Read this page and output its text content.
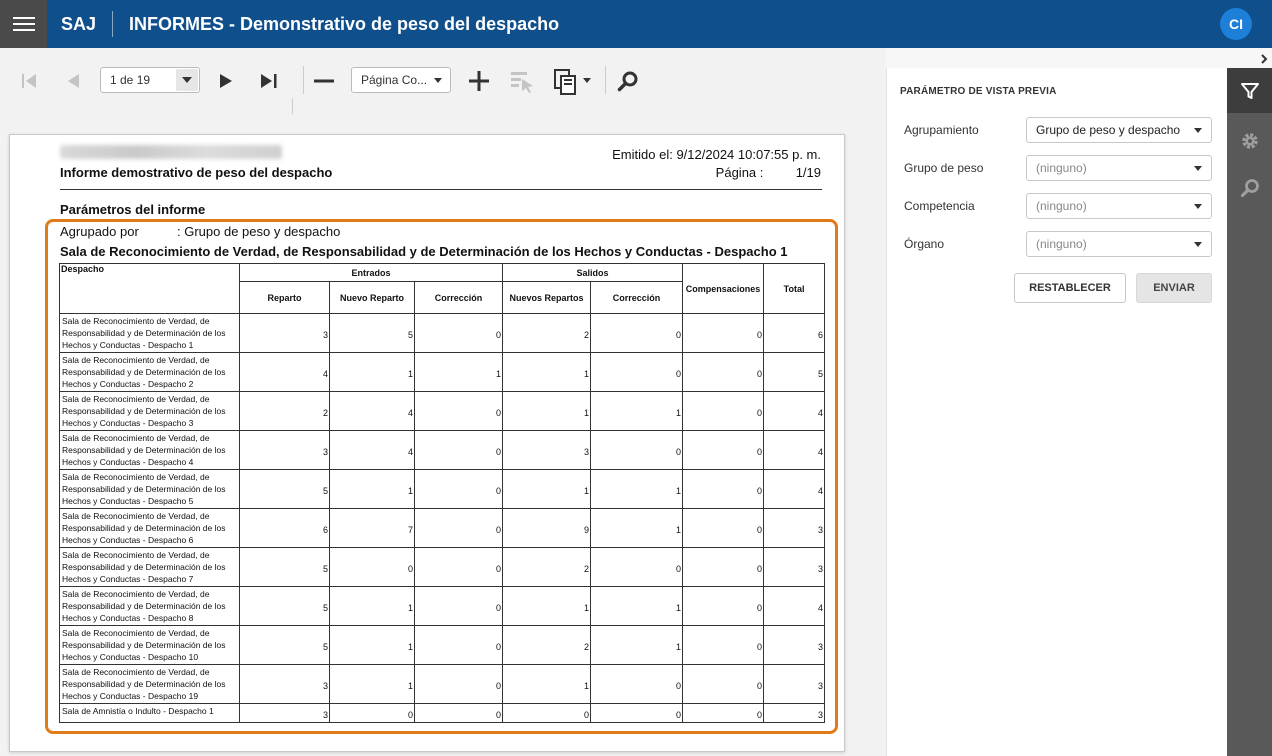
SAJ	INFORMES - Demonstrativo de peso del despacho	CI
1 de 19	Página Co...
Informe demostrativo de peso del despacho
Emitido el: 9/12/2024 10:07:55 p. m.
Página : 1/19
Parámetros del informe
Agrupado por	: Grupo de peso y despacho
Sala de Reconocimiento de Verdad, de Responsabilidad y de Determinación de los Hechos y Conductas - Despacho 1
Despacho	Entrados			Salidos		Compensaciones	Total
	Reparto	Nuevo Reparto	Corrección	Nuevos Repartos	Corrección		
Sala de Reconocimiento de Verdad, de Responsabilidad y de Determinación de los Hechos y Conductas - Despacho 1	3	5	0	2	0	0	6
Sala de Reconocimiento de Verdad, de Responsabilidad y de Determinación de los Hechos y Conductas - Despacho 2	4	1	1	1	0	0	5
Sala de Reconocimiento de Verdad, de Responsabilidad y de Determinación de los Hechos y Conductas - Despacho 3	2	4	0	1	1	0	4
Sala de Reconocimiento de Verdad, de Responsabilidad y de Determinación de los Hechos y Conductas - Despacho 4	3	4	0	3	0	0	4
Sala de Reconocimiento de Verdad, de Responsabilidad y de Determinación de los Hechos y Conductas - Despacho 5	5	1	0	1	1	0	4
Sala de Reconocimiento de Verdad, de Responsabilidad y de Determinación de los Hechos y Conductas - Despacho 6	6	7	0	9	1	0	3
Sala de Reconocimiento de Verdad, de Responsabilidad y de Determinación de los Hechos y Conductas - Despacho 7	5	0	0	2	0	0	3
Sala de Reconocimiento de Verdad, de Responsabilidad y de Determinación de los Hechos y Conductas - Despacho 8	5	1	0	1	1	0	4
Sala de Reconocimiento de Verdad, de Responsabilidad y de Determinación de los Hechos y Conductas - Despacho 10	5	1	0	2	1	0	3
Sala de Reconocimiento de Verdad, de Responsabilidad y de Determinación de los Hechos y Conductas - Despacho 19	3	1	0	1	0	0	3
Sala de Amnistía o Indulto - Despacho 1	3	0	0	0	0	0	3
PARÁMETRO DE VISTA PREVIA
Agrupamiento	Grupo de peso y despacho
Grupo de peso	(ninguno)
Competencia	(ninguno)
Órgano	(ninguno)
RESTABLECER	ENVIAR
